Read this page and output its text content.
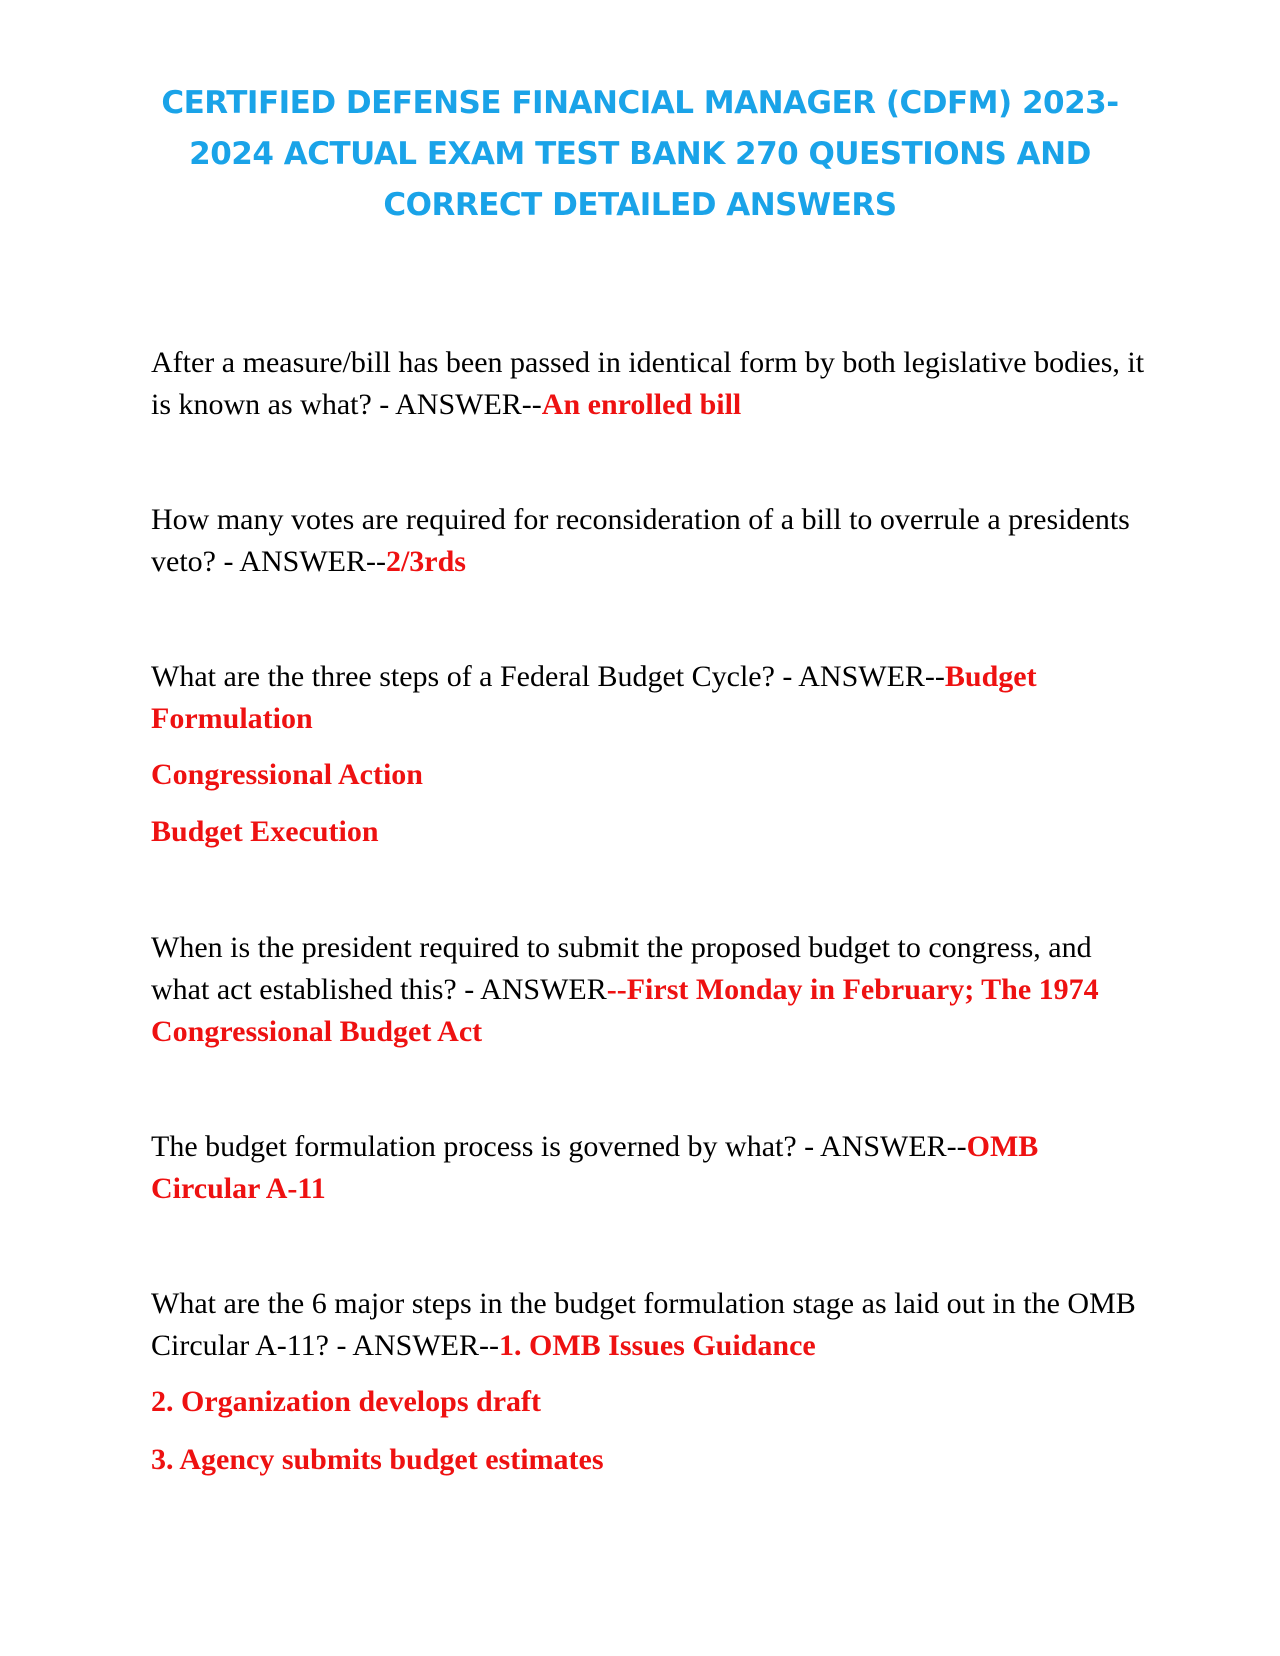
CERTIFIED DEFENSE FINANCIAL MANAGER (CDFM) 2023-2024 ACTUAL EXAM TEST BANK 270 QUESTIONS AND CORRECT DETAILED ANSWERS

After a measure/bill has been passed in identical form by both legislative bodies, it is known as what? - ANSWER--An enrolled bill

How many votes are required for reconsideration of a bill to overrule a presidents veto? - ANSWER--2/3rds

What are the three steps of a Federal Budget Cycle? - ANSWER--Budget Formulation

Congressional Action

Budget Execution

When is the president required to submit the proposed budget to congress, and what act established this? - ANSWER--First Monday in February; The 1974 Congressional Budget Act

The budget formulation process is governed by what? - ANSWER--OMB Circular A-11

What are the 6 major steps in the budget formulation stage as laid out in the OMB Circular A-11? - ANSWER--1. OMB Issues Guidance

2. Organization develops draft

3. Agency submits budget estimates
